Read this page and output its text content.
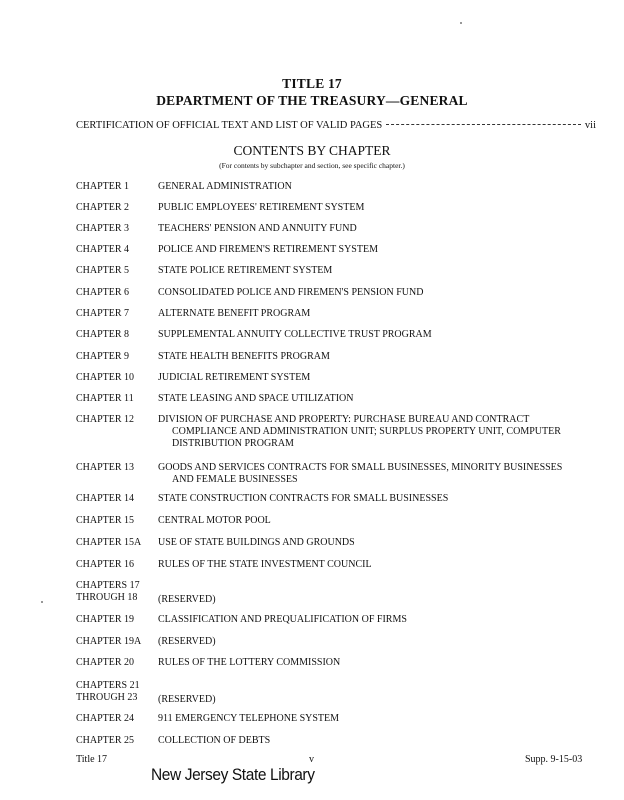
TITLE 17
DEPARTMENT OF THE TREASURY—GENERAL
CERTIFICATION OF OFFICIAL TEXT AND LIST OF VALID PAGES	vii
CONTENTS BY CHAPTER
(For contents by subchapter and section, see specific chapter.)
CHAPTER 1	GENERAL ADMINISTRATION
CHAPTER 2	PUBLIC EMPLOYEES' RETIREMENT SYSTEM
CHAPTER 3	TEACHERS' PENSION AND ANNUITY FUND
CHAPTER 4	POLICE AND FIREMEN'S RETIREMENT SYSTEM
CHAPTER 5	STATE POLICE RETIREMENT SYSTEM
CHAPTER 6	CONSOLIDATED POLICE AND FIREMEN'S PENSION FUND
CHAPTER 7	ALTERNATE BENEFIT PROGRAM
CHAPTER 8	SUPPLEMENTAL ANNUITY COLLECTIVE TRUST PROGRAM
CHAPTER 9	STATE HEALTH BENEFITS PROGRAM
CHAPTER 10	JUDICIAL RETIREMENT SYSTEM
CHAPTER 11	STATE LEASING AND SPACE UTILIZATION
CHAPTER 12	DIVISION OF PURCHASE AND PROPERTY: PURCHASE BUREAU AND CONTRACT
COMPLIANCE AND ADMINISTRATION UNIT; SURPLUS PROPERTY UNIT, COMPUTER
DISTRIBUTION PROGRAM
CHAPTER 13	GOODS AND SERVICES CONTRACTS FOR SMALL BUSINESSES, MINORITY BUSINESSES
AND FEMALE BUSINESSES
CHAPTER 14	STATE CONSTRUCTION CONTRACTS FOR SMALL BUSINESSES
CHAPTER 15	CENTRAL MOTOR POOL
CHAPTER 15A	USE OF STATE BUILDINGS AND GROUNDS
CHAPTER 16	RULES OF THE STATE INVESTMENT COUNCIL
CHAPTERS 17
THROUGH 18	(RESERVED)
CHAPTER 19	CLASSIFICATION AND PREQUALIFICATION OF FIRMS
CHAPTER 19A	(RESERVED)
CHAPTER 20	RULES OF THE LOTTERY COMMISSION
CHAPTERS 21
THROUGH 23	(RESERVED)
CHAPTER 24	911 EMERGENCY TELEPHONE SYSTEM
CHAPTER 25	COLLECTION OF DEBTS
Title 17	v	Supp. 9-15-03
New Jersey State Library
